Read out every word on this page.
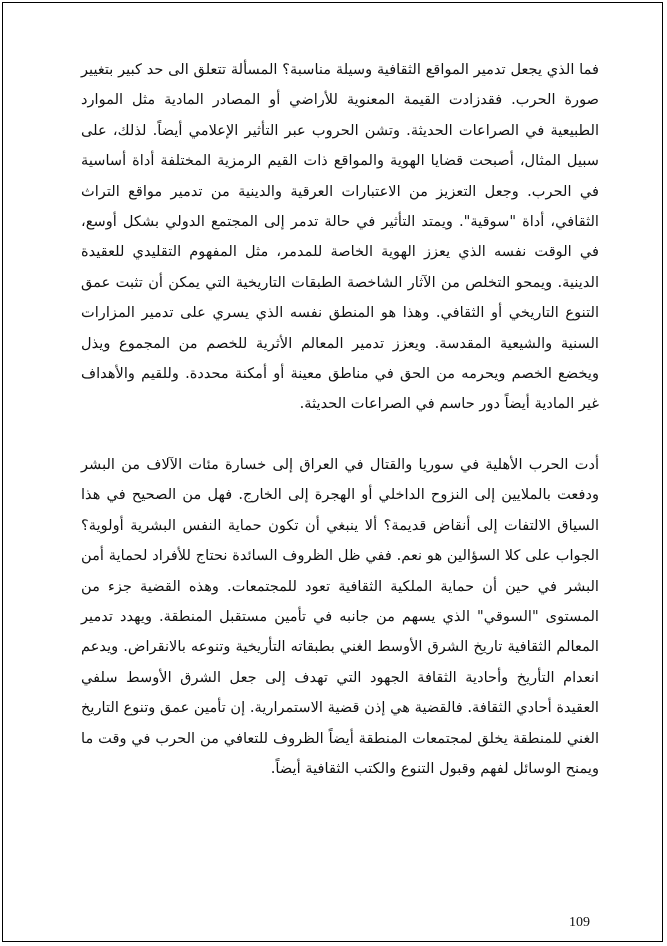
فما الذي يجعل تدمير المواقع الثقافية وسيلة مناسبة؟ المسألة تتعلق الى حد كبير بتغيير صورة الحرب. فقدزادت القيمة المعنوية للأراضي أو المصادر المادية مثل الموارد الطبيعية في الصراعات الحديثة. وتشن الحروب عبر التأثير الإعلامي أيضاً. لذلك، على سبيل المثال، أصبحت قضايا الهوية والمواقع ذات القيم الرمزية المختلفة أداة أساسية في الحرب. وجعل التعزيز من الاعتبارات العرقية والدينية من تدمير مواقع التراث الثقافي، أداة "سوقية". ويمتد التأثير في حالة تدمر إلى المجتمع الدولي بشكل أوسع، في الوقت نفسه الذي يعزز الهوية الخاصة للمدمر، مثل المفهوم التقليدي للعقيدة الدينية. ويمحو التخلص من الآثار الشاخصة الطبقات التاريخية التي يمكن أن تثبت عمق التنوع التاريخي أو الثقافي. وهذا هو المنطق نفسه الذي يسري على تدمير المزارات السنية والشيعية المقدسة. ويعزز تدمير المعالم الأثرية للخصم من المجموع ويذل ويخضع الخصم ويحرمه من الحق في مناطق معينة أو أمكنة محددة. وللقيم والأهداف غير المادية أيضاً دور حاسم في الصراعات الحديثة.

أدت الحرب الأهلية في سوريا والقتال في العراق إلى خسارة مئات الآلاف من البشر ودفعت بالملايين إلى النزوح الداخلي أو الهجرة إلى الخارج. فهل من الصحيح في هذا السياق الالتفات إلى أنقاض قديمة؟ ألا ينبغي أن تكون حماية النفس البشرية أولوية؟ الجواب على كلا السؤالين هو نعم. ففي ظل الظروف السائدة نحتاج للأفراد لحماية أمن البشر في حين أن حماية الملكية الثقافية تعود للمجتمعات. وهذه القضية جزء من المستوى "السوقي" الذي يسهم من جانبه في تأمين مستقبل المنطقة. ويهدد تدمير المعالم الثقافية تاريخ الشرق الأوسط الغني بطبقاته التأريخية وتنوعه بالانقراض. ويدعم انعدام التأريخ وأحادية الثقافة الجهود التي تهدف إلى جعل الشرق الأوسط سلفي العقيدة أحادي الثقافة. فالقضية هي إذن قضية الاستمرارية. إن تأمين عمق وتنوع التاريخ الغني للمنطقة يخلق لمجتمعات المنطقة أيضاً الظروف للتعافي من الحرب في وقت ما ويمنح الوسائل لفهم وقبول التنوع والكتب الثقافية أيضاً.

109
